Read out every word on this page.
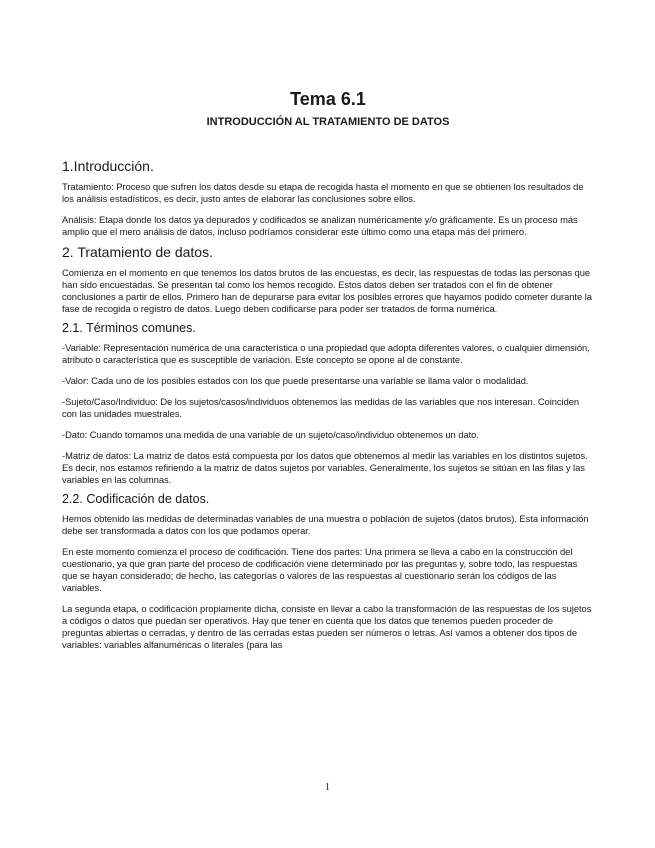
Tema 6.1
INTRODUCCIÓN AL TRATAMIENTO DE DATOS
1.Introducción.

Tratamiento: Proceso que sufren los datos desde su etapa de recogida hasta el momento en que se obtienen los resultados de los análisis estadísticos, es decir, justo antes de elaborar las conclusiones sobre ellos.

Análisis: Etapa donde los datos ya depurados y codificados se analizan numéricamente y/o gráficamente. Es un proceso más amplio que el mero análisis de datos, incluso podríamos considerar este último como una etapa más del primero.

2. Tratamiento de datos.

Comienza en el momento en que tenemos los datos brutos de las encuestas, es decir, las respuestas de todas las personas que han sido encuestadas. Se presentan tal como los hemos recogido. Estos datos deben ser tratados con el fin de obtener conclusiones a partir de ellos. Primero han de depurarse para evitar los posibles errores que hayamos podido cometer durante la fase de recogida o registro de datos. Luego deben codificarse para poder ser tratados de forma numérica.

2.1. Términos comunes.

-Variable: Representación numérica de una característica o una propiedad que adopta diferentes valores, o cualquier dimensión, atributo o característica que es susceptible de variación. Este concepto se opone al de constante.

-Valor: Cada uno de los posibles estados con los que puede presentarse una variable se llama valor o modalidad.

-Sujeto/Caso/Individuo: De los sujetos/casos/individuos obtenemos las medidas de las variables que nos interesan. Coinciden con las unidades muestrales.

-Dato: Cuando tomamos una medida de una variable de un sujeto/caso/individuo obtenemos un dato.

-Matriz de datos: La matriz de datos está compuesta por los datos que obtenemos al medir las variables en los distintos sujetos. Es decir, nos estamos refiriendo a la matriz de datos sujetos por variables. Generalmente, los sujetos se sitúan en las filas y las variables en las columnas.

2.2. Codificación de datos.

Hemos obtenido las medidas de determinadas variables de una muestra o población de sujetos (datos brutos). Esta información debe ser transformada a datos con los que podamos operar.

En este momento comienza el proceso de codificación. Tiene dos partes: Una primera se lleva a cabo en la construcción del cuestionario, ya que gran parte del proceso de codificación viene determinado por las preguntas y, sobre todo, las respuestas que se hayan considerado; de hecho, las categorías o valores de las respuestas al cuestionario serán los códigos de las variables.

La segunda etapa, o codificación propiamente dicha, consiste en llevar a cabo la transformación de las respuestas de los sujetos a códigos o datos que puedan ser operativos. Hay que tener en cuenta que los datos que tenemos pueden proceder de preguntas abiertas o cerradas, y dentro de las cerradas estas pueden ser números o letras. Así vamos a obtener dos tipos de variables: variables alfanuméricas o literales (para las

1
